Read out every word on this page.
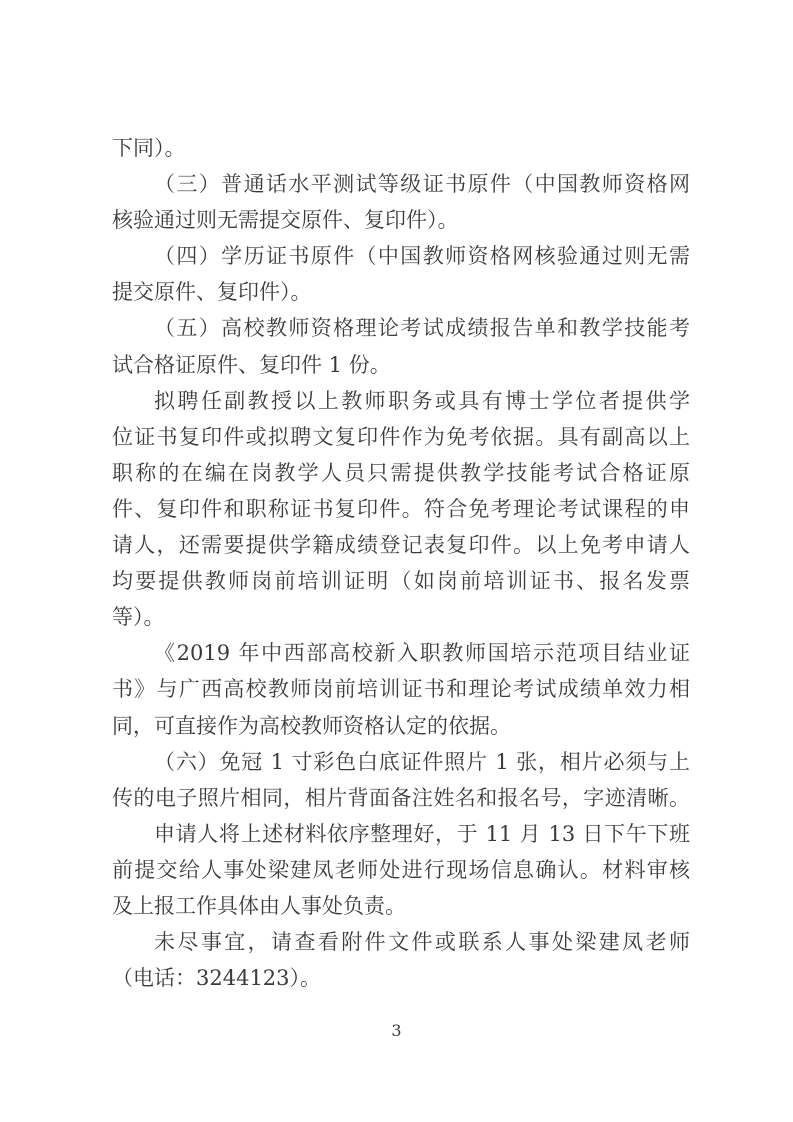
下同）。
（三）普通话水平测试等级证书原件（中国教师资格网
核验通过则无需提交原件、复印件）。
（四）学历证书原件（中国教师资格网核验通过则无需
提交原件、复印件）。
（五）高校教师资格理论考试成绩报告单和教学技能考
试合格证原件、复印件 1 份。
拟聘任副教授以上教师职务或具有博士学位者提供学
位证书复印件或拟聘文复印件作为免考依据。具有副高以上
职称的在编在岗教学人员只需提供教学技能考试合格证原
件、复印件和职称证书复印件。符合免考理论考试课程的申
请人，还需要提供学籍成绩登记表复印件。以上免考申请人
均要提供教师岗前培训证明（如岗前培训证书、报名发票
等）。
《2019 年中西部高校新入职教师国培示范项目结业证
书》与广西高校教师岗前培训证书和理论考试成绩单效力相
同，可直接作为高校教师资格认定的依据。
（六）免冠 1 寸彩色白底证件照片 1 张，相片必须与上
传的电子照片相同，相片背面备注姓名和报名号，字迹清晰。
申请人将上述材料依序整理好，于 11 月 13 日下午下班
前提交给人事处梁建凤老师处进行现场信息确认。材料审核
及上报工作具体由人事处负责。
未尽事宜，请查看附件文件或联系人事处梁建凤老师
（电话：3244123）。
3
